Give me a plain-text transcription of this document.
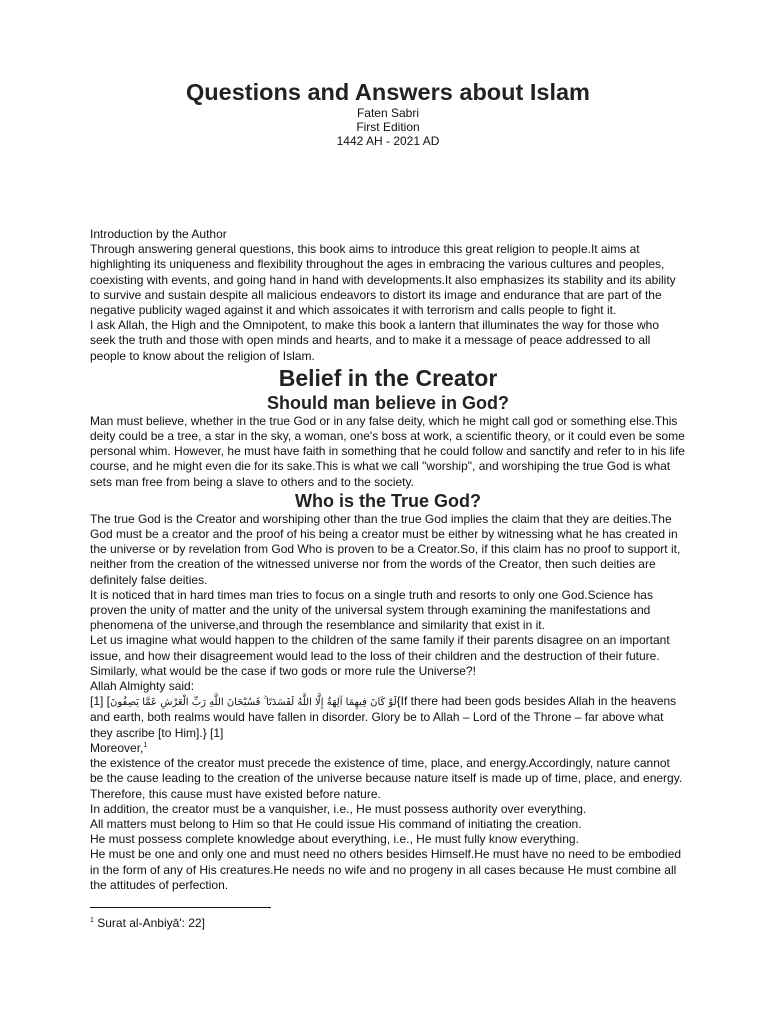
Questions and Answers about Islam
Faten Sabri
First Edition
1442 AH - 2021 AD

Introduction by the Author

Through answering general questions, this book aims to introduce this great religion to people.It aims at highlighting its uniqueness and flexibility throughout the ages in embracing the various cultures and peoples, coexisting with events, and going hand in hand with developments.It also emphasizes its stability and its ability to survive and sustain despite all malicious endeavors to distort its image and endurance that are part of the negative publicity waged against it and which assoicates it with terrorism and calls people to fight it.

I ask Allah, the High and the Omnipotent, to make this book a lantern that illuminates the way for those who seek the truth and those with open minds and hearts, and to make it a message of peace addressed to all people to know about the religion of Islam.

Belief in the Creator
Should man believe in God?

Man must believe, whether in the true God or in any false deity, which he might call god or something else.This deity could be a tree, a star in the sky, a woman, one's boss at work, a scientific theory, or it could even be some personal whim. However, he must have faith in something that he could follow and sanctify and refer to in his life course, and he might even die for its sake.This is what we call "worship", and worshiping the true God is what sets man free from being a slave to others and to the society.

Who is the True God?

The true God is the Creator and worshiping other than the true God implies the claim that they are deities.The God must be a creator and the proof of his being a creator must be either by witnessing what he has created in the universe or by revelation from God Who is proven to be a Creator.So, if this claim has no proof to support it, neither from the creation of the witnessed universe nor from the words of the Creator, then such deities are definitely false deities.

It is noticed that in hard times man tries to focus on a single truth and resorts to only one God.Science has proven the unity of matter and the unity of the universal system through examining the manifestations and phenomena of the universe,and through the resemblance and similarity that exist in it.

Let us imagine what would happen to the children of the same family if their parents disagree on an important issue, and how their disagreement would lead to the loss of their children and the destruction of their future. Similarly, what would be the case if two gods or more rule the Universe?!

Allah Almighty said:

[1] [لَوْ كَانَ فِيهِمَا آلِهَةٌ إِلَّا اللَّهُ لَفَسَدَتَا ۚ فَسُبْحَانَ اللَّهِ رَبِّ الْعَرْشِ عَمَّا يَصِفُونَ{If there had been gods besides Allah in the heavens and earth, both realms would have fallen in disorder. Glory be to Allah – Lord of the Throne – far above what they ascribe [to Him].} [1]

Moreover,$^1$

the existence of the creator must precede the existence of time, place, and energy.Accordingly, nature cannot be the cause leading to the creation of the universe because nature itself is made up of time, place, and energy. Therefore, this cause must have existed before nature.

In addition, the creator must be a vanquisher, i.e., He must possess authority over everything.

All matters must belong to Him so that He could issue His command of initiating the creation.

He must possess complete knowledge about everything, i.e., He must fully know everything.

He must be one and only one and must need no others besides Himself.He must have no need to be embodied in the form of any of His creatures.He needs no wife and no progeny in all cases because He must combine all the attitudes of perfection.

$^1$ Surat al-Anbiyā': 22]
